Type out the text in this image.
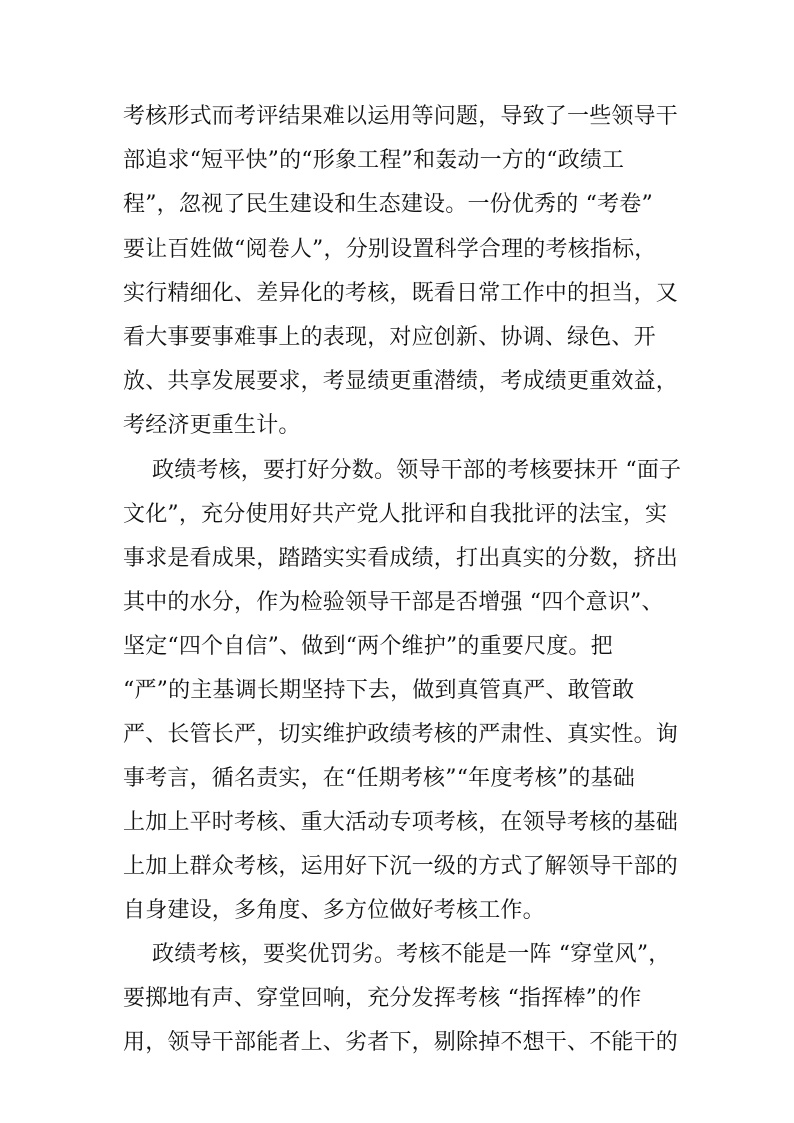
考核形式而考评结果难以运用等问题，导致了一些领导干
部追求“短平快”的“形象工程”和轰动一方的“政绩工
程”，忽视了民生建设和生态建设。一份优秀的 “考卷”
要让百姓做“阅卷人”，分别设置科学合理的考核指标，
实行精细化、差异化的考核，既看日常工作中的担当，又
看大事要事难事上的表现，对应创新、协调、绿色、开
放、共享发展要求，考显绩更重潜绩，考成绩更重效益，
考经济更重生计。
政绩考核，要打好分数。领导干部的考核要抹开 “面子
文化”，充分使用好共产党人批评和自我批评的法宝，实
事求是看成果，踏踏实实看成绩，打出真实的分数，挤出
其中的水分，作为检验领导干部是否增强 “四个意识”、
坚定“四个自信”、做到“两个维护”的重要尺度。把
“严”的主基调长期坚持下去，做到真管真严、敢管敢
严、长管长严，切实维护政绩考核的严肃性、真实性。询
事考言，循名责实，在“任期考核”“年度考核”的基础
上加上平时考核、重大活动专项考核，在领导考核的基础
上加上群众考核，运用好下沉一级的方式了解领导干部的
自身建设，多角度、多方位做好考核工作。
政绩考核，要奖优罚劣。考核不能是一阵 “穿堂风”，
要掷地有声、穿堂回响，充分发挥考核 “指挥棒”的作
用，领导干部能者上、劣者下，剔除掉不想干、不能干的
